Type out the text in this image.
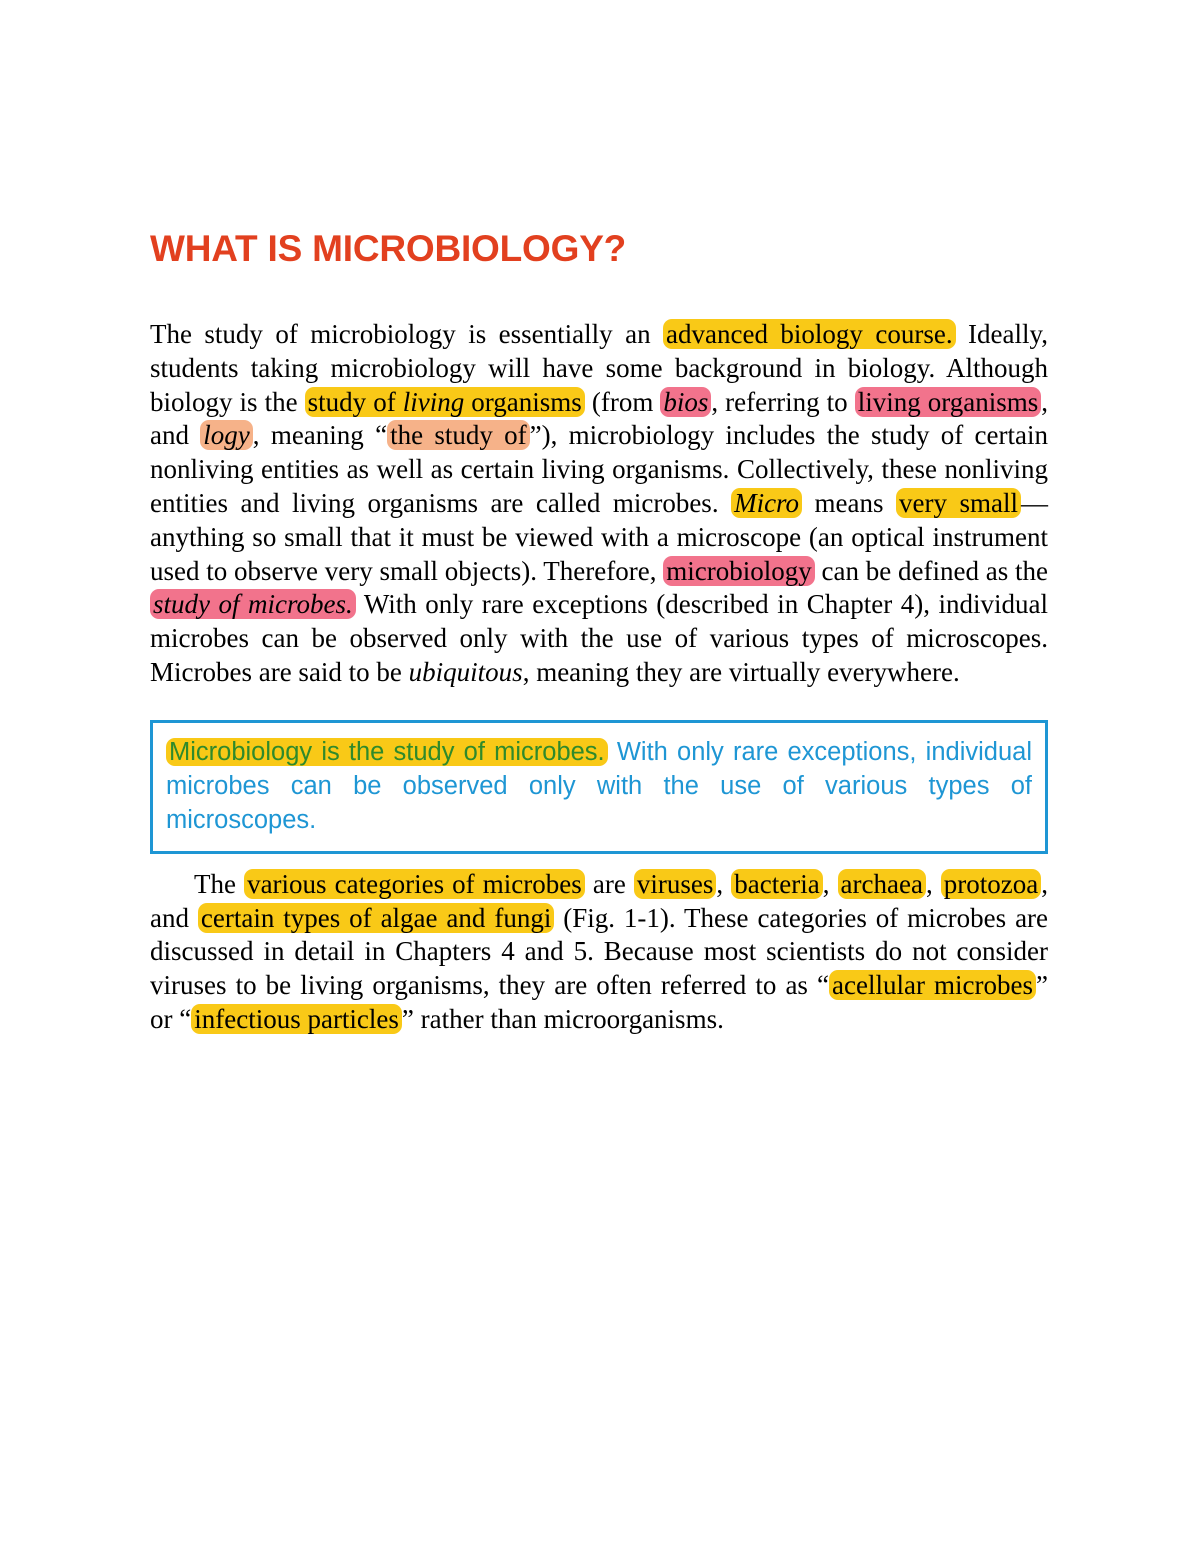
WHAT IS MICROBIOLOGY?

The study of microbiology is essentially an advanced biology course. Ideally, students taking microbiology will have some background in biology. Although biology is the study of living organisms (from bios , referring to living organisms , and logy , meaning “ the study of ”), microbiology includes the study of certain nonliving entities as well as certain living organisms. Collectively, these nonliving entities and living organisms are called microbes. Micro means very small —anything so small that it must be viewed with a microscope (an optical instrument used to observe very small objects). Therefore, microbiology can be defined as the study of microbes. With only rare exceptions (described in Chapter 4), individual microbes can be observed only with the use of various types of microscopes. Microbes are said to be ubiquitous, meaning they are virtually everywhere.

Microbiology is the study of microbes. With only rare exceptions, individual microbes can be observed only with the use of various types of microscopes.

The various categories of microbes are viruses , bacteria , archaea , protozoa , and certain types of algae and fungi (Fig. 1-1). These categories of microbes are discussed in detail in Chapters 4 and 5. Because most scientists do not consider viruses to be living organisms, they are often referred to as “ acellular microbes ” or “ infectious particles ” rather than microorganisms.
